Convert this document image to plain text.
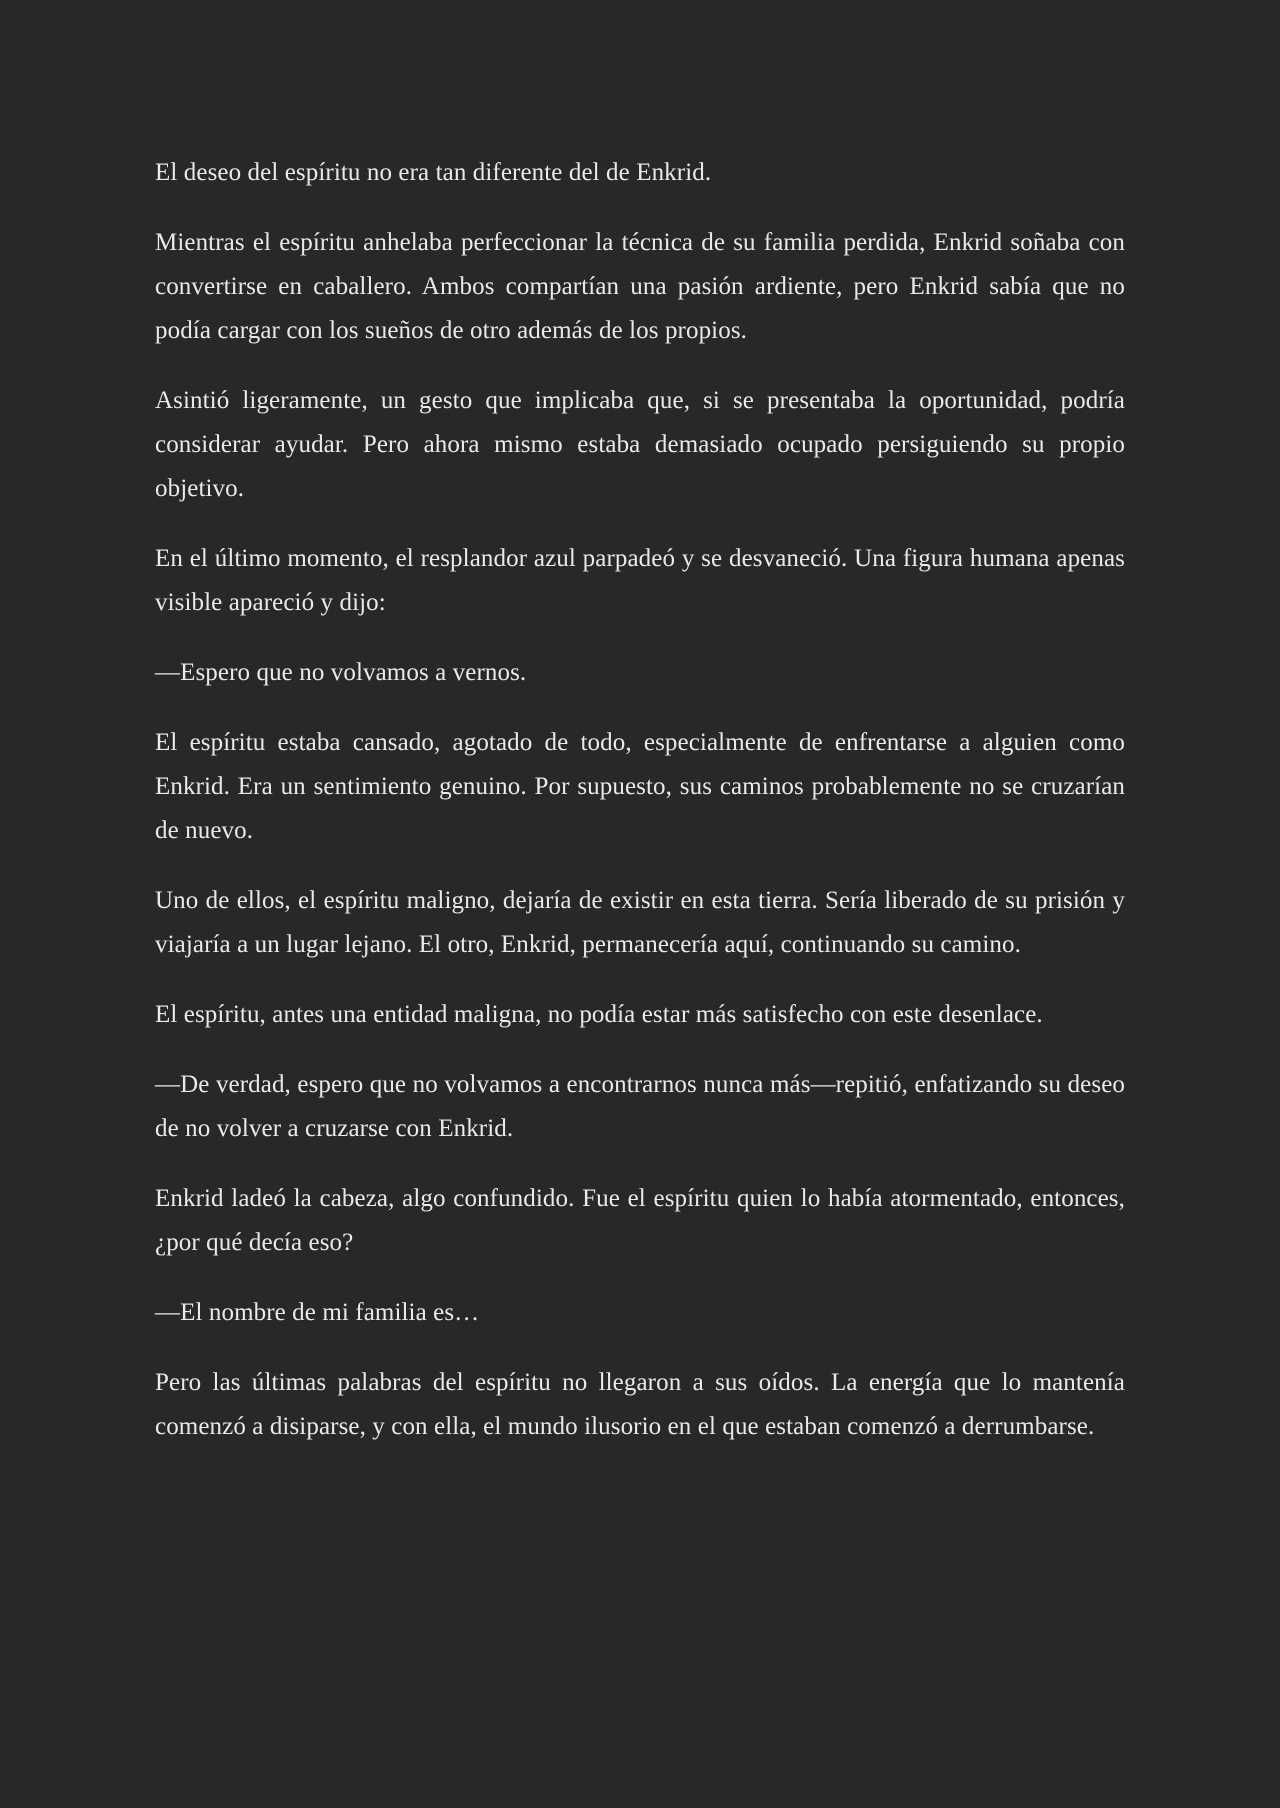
El deseo del espíritu no era tan diferente del de Enkrid.

Mientras el espíritu anhelaba perfeccionar la técnica de su familia perdida, Enkrid soñaba con convertirse en caballero. Ambos compartían una pasión ardiente, pero Enkrid sabía que no podía cargar con los sueños de otro además de los propios.

Asintió ligeramente, un gesto que implicaba que, si se presentaba la oportunidad, podría considerar ayudar. Pero ahora mismo estaba demasiado ocupado persiguiendo su propio objetivo.

En el último momento, el resplandor azul parpadeó y se desvaneció. Una figura humana apenas visible apareció y dijo:

—Espero que no volvamos a vernos.

El espíritu estaba cansado, agotado de todo, especialmente de enfrentarse a alguien como Enkrid. Era un sentimiento genuino. Por supuesto, sus caminos probablemente no se cruzarían de nuevo.

Uno de ellos, el espíritu maligno, dejaría de existir en esta tierra. Sería liberado de su prisión y viajaría a un lugar lejano. El otro, Enkrid, permanecería aquí, continuando su camino.

El espíritu, antes una entidad maligna, no podía estar más satisfecho con este desenlace.

—De verdad, espero que no volvamos a encontrarnos nunca más—repitió, enfatizando su deseo de no volver a cruzarse con Enkrid.

Enkrid ladeó la cabeza, algo confundido. Fue el espíritu quien lo había atormentado, entonces, ¿por qué decía eso?

—El nombre de mi familia es…

Pero las últimas palabras del espíritu no llegaron a sus oídos. La energía que lo mantenía comenzó a disiparse, y con ella, el mundo ilusorio en el que estaban comenzó a derrumbarse.
